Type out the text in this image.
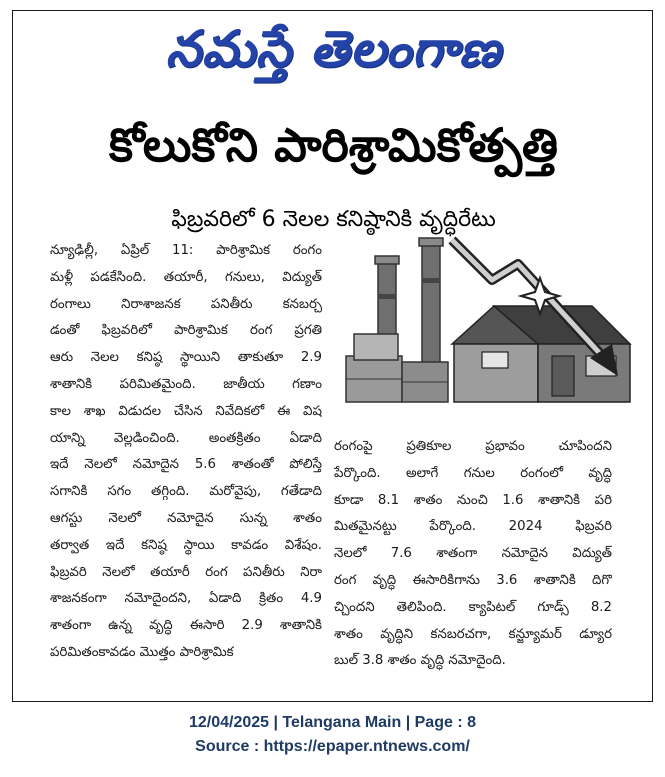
నమస్తే తెలంగాణ
కోలుకోని పారిశ్రామికోత్పత్తి
ఫిబ్రవరిలో 6 నెలల కనిష్ఠానికి వృద్ధిరేటు
న్యూఢిల్లీ, ఏప్రిల్ 11: పారిశ్రామిక రంగం
మళ్లీ పడకేసింది. తయారీ, గనులు, విద్యుత్
రంగాలు నిరాశాజనక పనితీరు కనబర్చ
డంతో ఫిబ్రవరిలో పారిశ్రామిక రంగ ప్రగతి
ఆరు నెలల కనిష్ఠ స్థాయిని తాకుతూ 2.9
శాతానికి పరిమితమైంది. జాతీయ గణాం
కాల శాఖ విడుదల చేసిన నివేదికలో ఈ విష
యాన్ని వెల్లడించింది. అంతక్రితం ఏడాది
ఇదే నెలలో నమోదైన 5.6 శాతంతో పోలిస్తే
సగానికి సగం తగ్గింది. మరోవైపు, గతేడాది
ఆగస్టు నెలలో నమోదైన సున్న శాతం
తర్వాత ఇదే కనిష్ఠ స్థాయి కావడం విశేషం.
ఫిబ్రవరి నెలలో తయారీ రంగ పనితీరు నిరా
శాజనకంగా నమోదైందని, ఏడాది క్రితం 4.9
శాతంగా ఉన్న వృద్ధి ఈసారి 2.9 శాతానికి
పరిమితంకావడం మొత్తం పారిశ్రామిక
రంగంపై ప్రతికూల ప్రభావం చూపిందని
పేర్కొంది. అలాగే గనుల రంగంలో వృద్ధి
కూడా 8.1 శాతం నుంచి 1.6 శాతానికి పరి
మితమైనట్టు పేర్కొంది. 2024 ఫిబ్రవరి
నెలలో 7.6 శాతంగా నమోదైన విద్యుత్
రంగ వృద్ధి ఈసారికిగాను 3.6 శాతానికి దిగొ
చ్చిందని తెలిపింది. క్యాపిటల్ గూడ్స్ 8.2
శాతం వృద్ధిని కనబరచగా, కన్జ్యూమర్ డ్యూర
బుల్ 3.8 శాతం వృద్ధి నమోదైంది.
12/04/2025 | Telangana Main | Page : 8
Source : https://epaper.ntnews.com/
